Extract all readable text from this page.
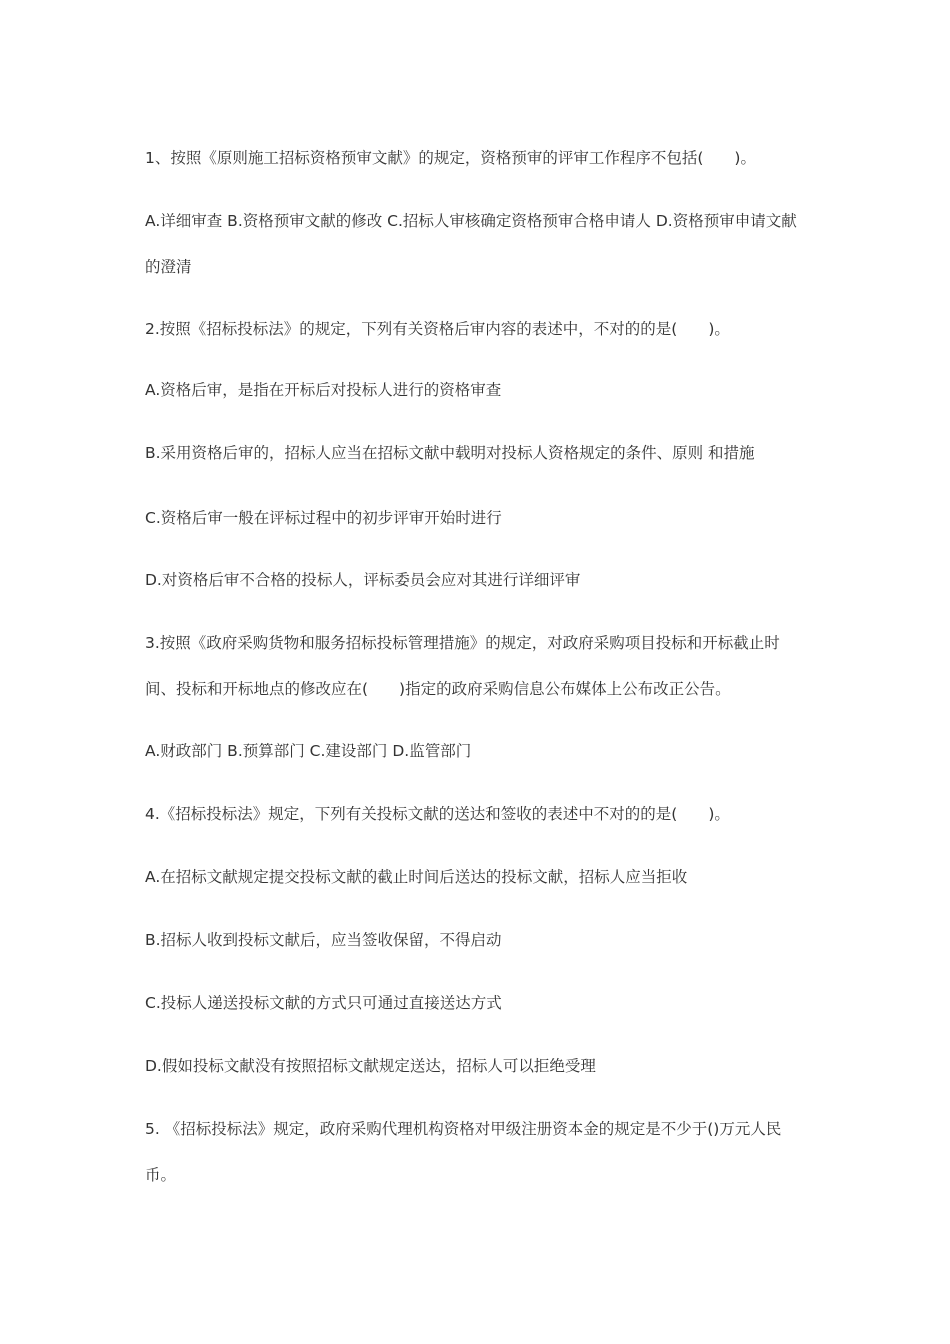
1、按照《原则施工招标资格预审文献》的规定，资格预审的评审工作程序不包括(　　)。

A.详细审查 B.资格预审文献的修改 C.招标人审核确定资格预审合格申请人 D.资格预审申请文献的澄清

2.按照《招标投标法》的规定，下列有关资格后审内容的表述中，不对的的是(　　)。

A.资格后审，是指在开标后对投标人进行的资格审查

B.采用资格后审的，招标人应当在招标文献中载明对投标人资格规定的条件、原则 和措施

C.资格后审一般在评标过程中的初步评审开始时进行

D.对资格后审不合格的投标人，评标委员会应对其进行详细评审

3.按照《政府采购货物和服务招标投标管理措施》的规定，对政府采购项目投标和开标截止时间、投标和开标地点的修改应在(　　)指定的政府采购信息公布媒体上公布改正公告。

A.财政部门 B.预算部门 C.建设部门 D.监管部门

4.《招标投标法》规定，下列有关投标文献的送达和签收的表述中不对的的是(　　)。

A.在招标文献规定提交投标文献的截止时间后送达的投标文献，招标人应当拒收

B.招标人收到投标文献后，应当签收保留，不得启动

C.投标人递送投标文献的方式只可通过直接送达方式

D.假如投标文献没有按照招标文献规定送达，招标人可以拒绝受理

5. 《招标投标法》规定，政府采购代理机构资格对甲级注册资本金的规定是不少于()万元人民币。
